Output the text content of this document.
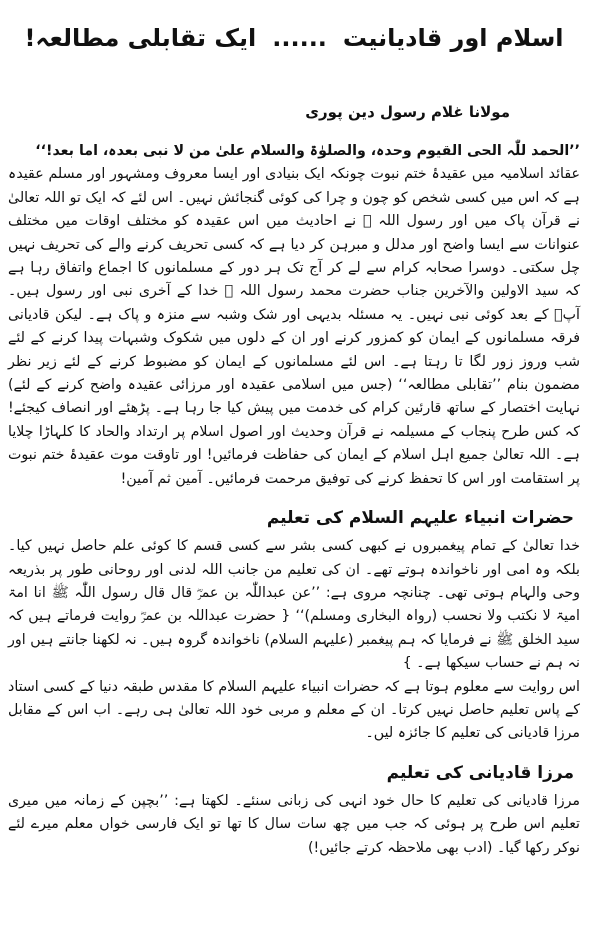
اسلام اور قادیانیت......ایک تقابلی مطالعہ!
مولانا غلام رسول دین پوری

’’الحمد للّٰہ الحی القیوم وحدہ، والصلوٰۃ والسلام علیٰ من لا نبی بعدہ، اما بعد!‘‘

عقائد اسلامیہ میں عقیدۂ ختم نبوت چونکہ ایک بنیادی اور ایسا معروف ومشہور اور مسلم عقیدہ ہے کہ اس میں کسی شخص کو چون و چرا کی کوئی گنجائش نہیں۔ اس لئے کہ ایک تو اللہ تعالیٰ نے قرآن پاک میں اور رسول اللہ ﷺ نے احادیث میں اس عقیدہ کو مختلف اوقات میں مختلف عنوانات سے ایسا واضح اور مدلل و مبرہن کر دیا ہے کہ کسی تحریف کرنے والے کی تحریف نہیں چل سکتی۔ دوسرا صحابہ کرام سے لے کر آج تک ہر دور کے مسلمانوں کا اجماع واتفاق رہا ہے کہ سید الاولین والآخرین جناب حضرت محمد رسول اللہ ﷺ خدا کے آخری نبی اور رسول ہیں۔ آپؐ کے بعد کوئی نبی نہیں۔ یہ مسئلہ بدیہی اور شک وشبہ سے منزہ و پاک ہے۔ لیکن قادیانی فرقہ مسلمانوں کے ایمان کو کمزور کرنے اور ان کے دلوں میں شکوک وشبہات پیدا کرنے کے لئے شب وروز زور لگا تا رہتا ہے۔ اس لئے مسلمانوں کے ایمان کو مضبوط کرنے کے لئے زیر نظر مضمون بنام ’’تقابلی مطالعہ‘‘ (جس میں اسلامی عقیدہ اور مرزائی عقیدہ واضح کرنے کے لئے) نہایت اختصار کے ساتھ قارئین کرام کی خدمت میں پیش کیا جا رہا ہے۔ پڑھئے اور انصاف کیجئے! کہ کس طرح پنجاب کے مسیلمہ نے قرآن وحدیث اور اصول اسلام پر ارتداد والحاد کا کلہاڑا چلایا ہے۔ اللہ تعالیٰ جمیع اہل اسلام کے ایمان کی حفاظت فرمائیں! اور تاوقت موت عقیدۂ ختم نبوت پر استقامت اور اس کا تحفظ کرنے کی توفیق مرحمت فرمائیں۔ آمین ثم آمین!

حضرات انبیاء علیہم السلام کی تعلیم

خدا تعالیٰ کے تمام پیغمبروں نے کبھی کسی بشر سے کسی قسم کا کوئی علم حاصل نہیں کیا۔ بلکہ وہ امی اور ناخواندہ ہوتے تھے۔ ان کی تعلیم من جانب اللہ لدنی اور روحانی طور پر بذریعہ وحی والہام ہوتی تھی۔ چنانچہ مروی ہے: ’’عن عبداللّٰہ بن عمرؓ قال قال رسول اللّٰہ ﷺ انا امۃ امیۃ لا نکتب ولا نحسب (رواہ البخاری ومسلم)‘‘ { حضرت عبداللہ بن عمرؓ روایت فرماتے ہیں کہ سید الخلق ﷺ نے فرمایا کہ ہم پیغمبر (علیہم السلام) ناخواندہ گروہ ہیں۔ نہ لکھنا جانتے ہیں اور نہ ہم نے حساب سیکھا ہے۔ }

اس روایت سے معلوم ہوتا ہے کہ حضرات انبیاء علیہم السلام کا مقدس طبقہ دنیا کے کسی استاد کے پاس تعلیم حاصل نہیں کرتا۔ ان کے معلم و مربی خود اللہ تعالیٰ ہی رہے۔ اب اس کے مقابل مرزا قادیانی کی تعلیم کا جائزہ لیں۔

مرزا قادیانی کی تعلیم

مرزا قادیانی کی تعلیم کا حال خود انہی کی زبانی سنئے۔ لکھتا ہے: ’’بچپن کے زمانہ میں میری تعلیم اس طرح پر ہوئی کہ جب میں چھ سات سال کا تھا تو ایک فارسی خواں معلم میرے لئے نوکر رکھا گیا۔ (ادب بھی ملاحظہ کرتے جائیں!)
